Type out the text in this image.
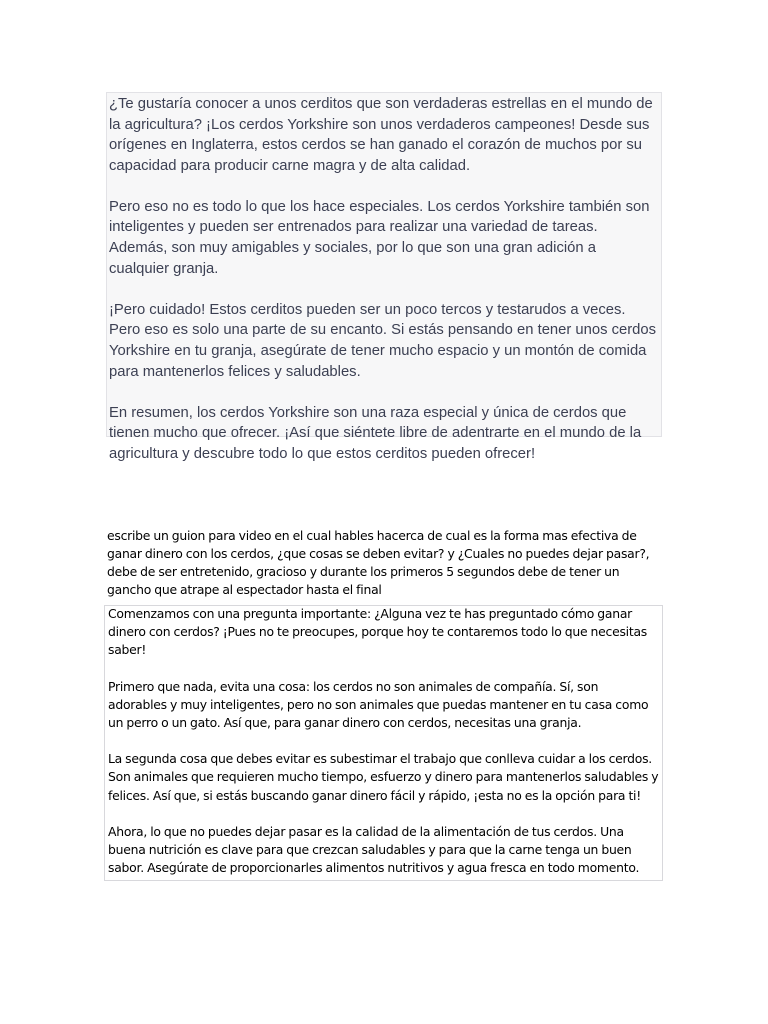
¿Te gustaría conocer a unos cerditos que son verdaderas estrellas en el mundo de la agricultura? ¡Los cerdos Yorkshire son unos verdaderos campeones! Desde sus orígenes en Inglaterra, estos cerdos se han ganado el corazón de muchos por su capacidad para producir carne magra y de alta calidad.

Pero eso no es todo lo que los hace especiales. Los cerdos Yorkshire también son inteligentes y pueden ser entrenados para realizar una variedad de tareas. Además, son muy amigables y sociales, por lo que son una gran adición a cualquier granja.

¡Pero cuidado! Estos cerditos pueden ser un poco tercos y testarudos a veces. Pero eso es solo una parte de su encanto. Si estás pensando en tener unos cerdos Yorkshire en tu granja, asegúrate de tener mucho espacio y un montón de comida para mantenerlos felices y saludables.

En resumen, los cerdos Yorkshire son una raza especial y única de cerdos que tienen mucho que ofrecer. ¡Así que siéntete libre de adentrarte en el mundo de la agricultura y descubre todo lo que estos cerditos pueden ofrecer!

escribe un guion para video en el cual hables hacerca de cual es la forma mas efectiva de ganar dinero con los cerdos, ¿que cosas se deben evitar? y ¿Cuales no puedes dejar pasar?, debe de ser entretenido, gracioso y durante los primeros 5 segundos debe de tener un gancho que atrape al espectador hasta el final

Comenzamos con una pregunta importante: ¿Alguna vez te has preguntado cómo ganar dinero con cerdos? ¡Pues no te preocupes, porque hoy te contaremos todo lo que necesitas saber!

Primero que nada, evita una cosa: los cerdos no son animales de compañía. Sí, son adorables y muy inteligentes, pero no son animales que puedas mantener en tu casa como un perro o un gato. Así que, para ganar dinero con cerdos, necesitas una granja.

La segunda cosa que debes evitar es subestimar el trabajo que conlleva cuidar a los cerdos. Son animales que requieren mucho tiempo, esfuerzo y dinero para mantenerlos saludables y felices. Así que, si estás buscando ganar dinero fácil y rápido, ¡esta no es la opción para ti!

Ahora, lo que no puedes dejar pasar es la calidad de la alimentación de tus cerdos. Una buena nutrición es clave para que crezcan saludables y para que la carne tenga un buen sabor. Asegúrate de proporcionarles alimentos nutritivos y agua fresca en todo momento.
